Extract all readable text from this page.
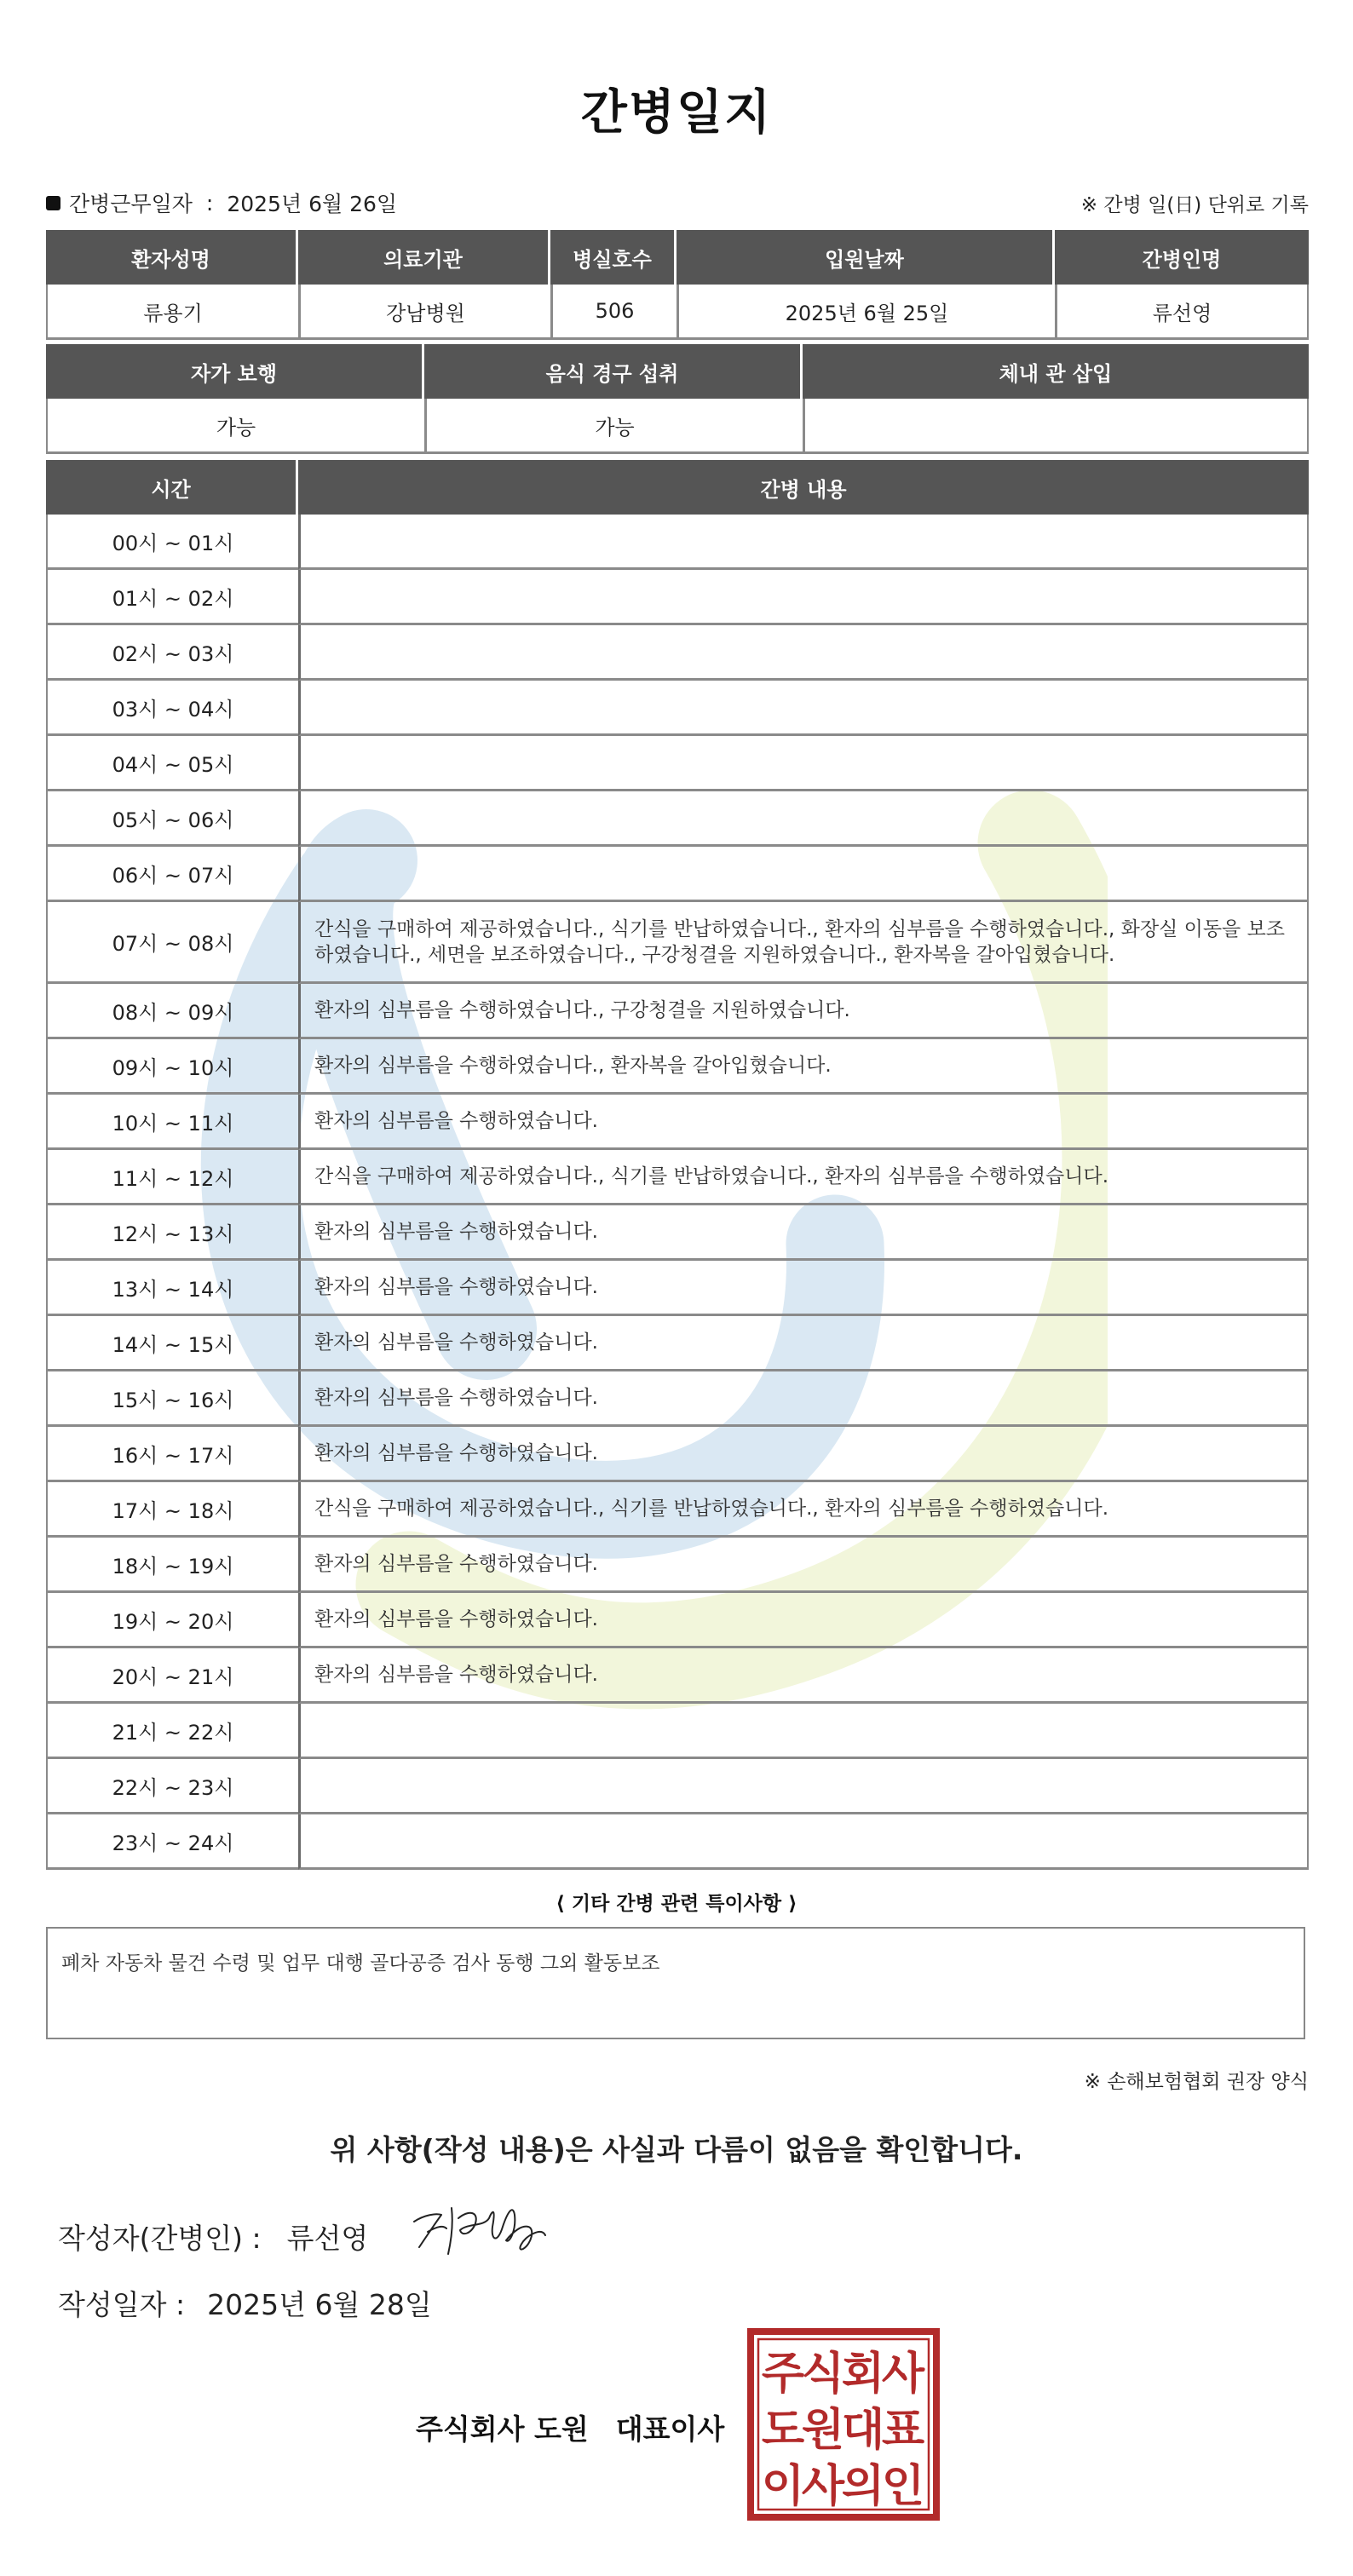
간병일지
간병근무일자 : 2025년 6월 26일	※ 간병 일(日) 단위로 기록
환자성명	의료기관	병실호수	입원날짜	간병인명
류용기	강남병원	506	2025년 6월 25일	류선영
자가 보행	음식 경구 섭취	체내 관 삽입
가능	가능	
시간	간병 내용
00시 ~ 01시	
01시 ~ 02시	
02시 ~ 03시	
03시 ~ 04시	
04시 ~ 05시	
05시 ~ 06시	
06시 ~ 07시	
07시 ~ 08시	간식을 구매하여 제공하였습니다., 식기를 반납하였습니다., 환자의 심부름을 수행하였습니다., 화장실 이동을 보조하였습니다., 세면을 보조하였습니다., 구강청결을 지원하였습니다., 환자복을 갈아입혔습니다.
08시 ~ 09시	환자의 심부름을 수행하였습니다., 구강청결을 지원하였습니다.
09시 ~ 10시	환자의 심부름을 수행하였습니다., 환자복을 갈아입혔습니다.
10시 ~ 11시	환자의 심부름을 수행하였습니다.
11시 ~ 12시	간식을 구매하여 제공하였습니다., 식기를 반납하였습니다., 환자의 심부름을 수행하였습니다.
12시 ~ 13시	환자의 심부름을 수행하였습니다.
13시 ~ 14시	환자의 심부름을 수행하였습니다.
14시 ~ 15시	환자의 심부름을 수행하였습니다.
15시 ~ 16시	환자의 심부름을 수행하였습니다.
16시 ~ 17시	환자의 심부름을 수행하였습니다.
17시 ~ 18시	간식을 구매하여 제공하였습니다., 식기를 반납하였습니다., 환자의 심부름을 수행하였습니다.
18시 ~ 19시	환자의 심부름을 수행하였습니다.
19시 ~ 20시	환자의 심부름을 수행하였습니다.
20시 ~ 21시	환자의 심부름을 수행하였습니다.
21시 ~ 22시	
22시 ~ 23시	
23시 ~ 24시	
⟨ 기타 간병 관련 특이사항 ⟩
폐차 자동차 물건 수령 및 업무 대행 골다공증 검사 동행 그외 활동보조
※ 손해보험협회 권장 양식
위 사항(작성 내용)은 사실과 다름이 없음을 확인합니다.
작성자(간병인) : 류선영
작성일자 : 2025년 6월 28일
주식회사 도원 대표이사
주
식
회
사
도
원
대
표
이
사
의
인
